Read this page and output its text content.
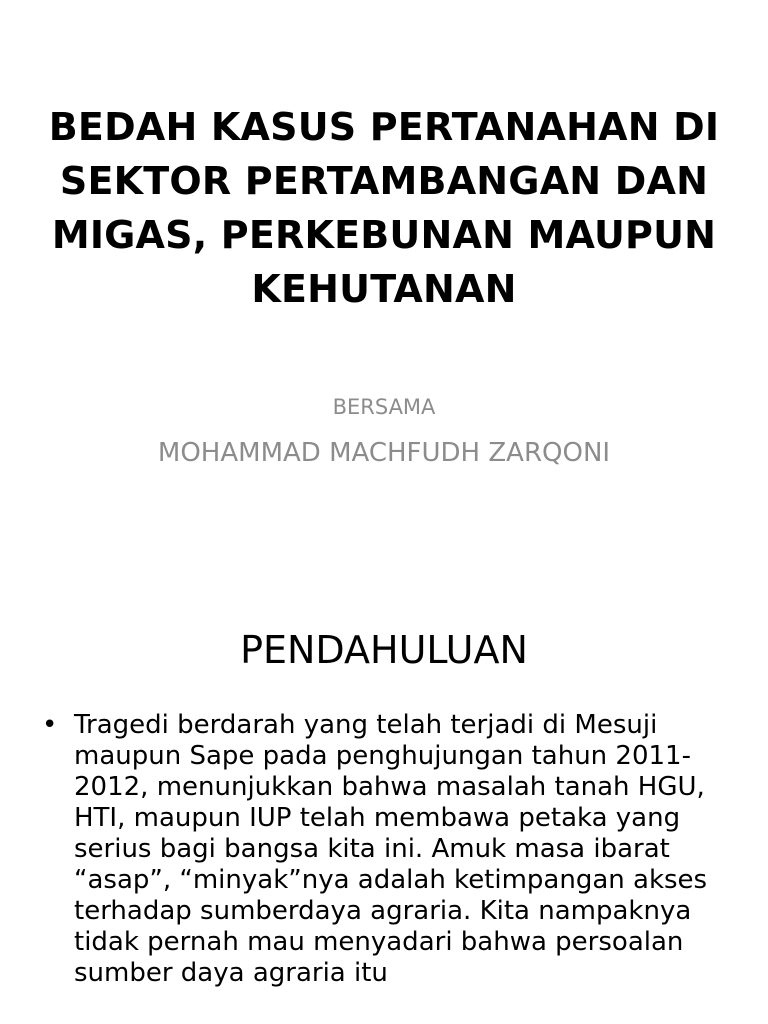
BEDAH KASUS PERTANAHAN DI SEKTOR PERTAMBANGAN DAN MIGAS, PERKEBUNAN MAUPUN KEHUTANAN
BERSAMA
MOHAMMAD MACHFUDH ZARQONI
PENDAHULUAN
• Tragedi berdarah yang telah terjadi di Mesuji maupun Sape pada penghujungan tahun 2011-2012, menunjukkan bahwa masalah tanah HGU, HTI, maupun IUP telah membawa petaka yang serius bagi bangsa kita ini. Amuk masa ibarat “asap”, “minyak”nya adalah ketimpangan akses terhadap sumberdaya agraria. Kita nampaknya tidak pernah mau menyadari bahwa persoalan sumber daya agraria itu
